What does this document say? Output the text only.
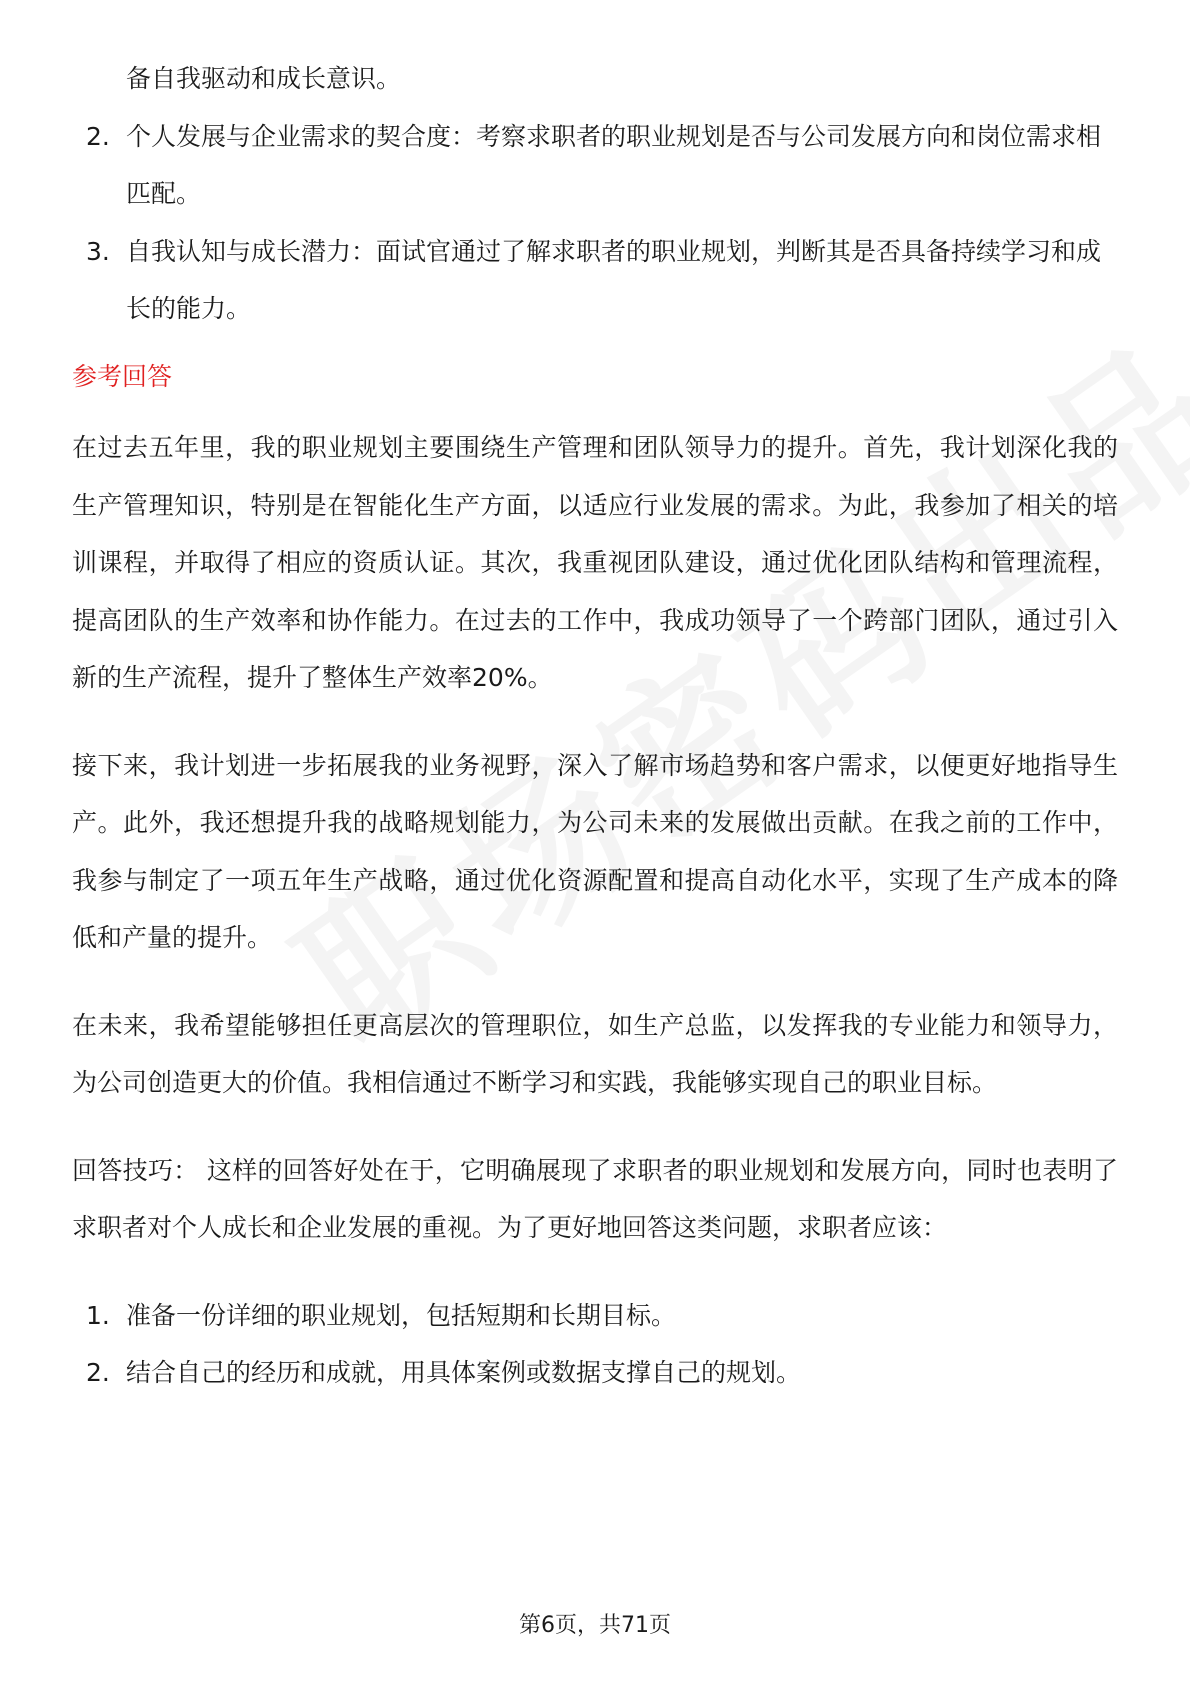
备自我驱动和成长意识。

2. 个人发展与企业需求的契合度：考察求职者的职业规划是否与公司发展方向和岗位需求相匹配。
3. 自我认知与成长潜力：面试官通过了解求职者的职业规划，判断其是否具备持续学习和成长的能力。
参考回答

在过去五年里，我的职业规划主要围绕生产管理和团队领导力的提升。首先，我计划深化我的生产管理知识，特别是在智能化生产方面，以适应行业发展的需求。为此，我参加了相关的培训课程，并取得了相应的资质认证。其次，我重视团队建设，通过优化团队结构和管理流程，提高团队的生产效率和协作能力。在过去的工作中，我成功领导了一个跨部门团队，通过引入新的生产流程，提升了整体生产效率20%。

接下来，我计划进一步拓展我的业务视野，深入了解市场趋势和客户需求，以便更好地指导生产。此外，我还想提升我的战略规划能力，为公司未来的发展做出贡献。在我之前的工作中，我参与制定了一项五年生产战略，通过优化资源配置和提高自动化水平，实现了生产成本的降低和产量的提升。

在未来，我希望能够担任更高层次的管理职位，如生产总监，以发挥我的专业能力和领导力，为公司创造更大的价值。我相信通过不断学习和实践，我能够实现自己的职业目标。

回答技巧： 这样的回答好处在于，它明确展现了求职者的职业规划和发展方向，同时也表明了求职者对个人成长和企业发展的重视。为了更好地回答这类问题，求职者应该：

1. 准备一份详细的职业规划，包括短期和长期目标。
2. 结合自己的经历和成就，用具体案例或数据支撑自己的规划。
第6页，共71页
